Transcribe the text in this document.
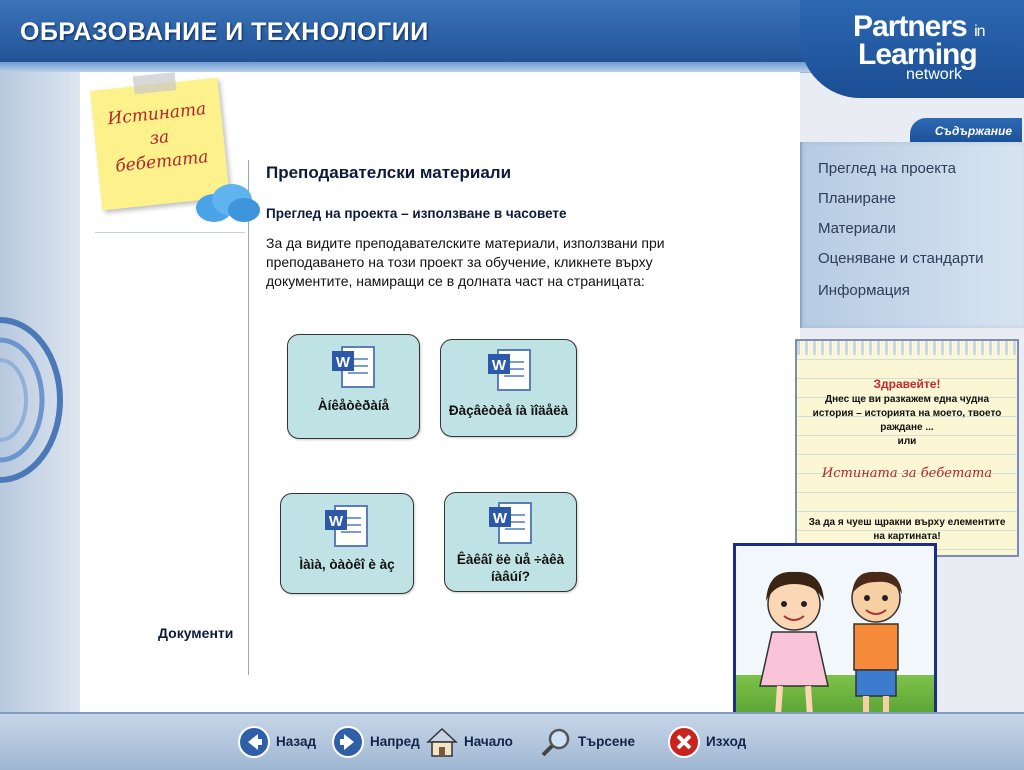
ОБРАЗОВАНИЕ И ТЕХНОЛОГИИ	Partners in
Learning
network
Истината за бебетата	Преподавателски материали
Преглед на проекта – използване в часовете
За да видите преподавателските материали, използвани при преподаването на този проект за обучение, кликнете върху документите, намиращи се в долната част на страницата:
Документи
W
Àíêåòèðàíå
W
Ðàçâèòèå íà ìîäåëà
W
Ìàìà, òàòêî è àç
W
Êàêâî ëè ùå ÷àêà íàâúí?
Съдържание
Преглед на проекта
Планиране
Материали
Оценяване и стандарти
Информация
Здравейте!
Днес ще ви разкажем една чудна история – историята на моето, твоето раждане ...
или
Истината за бебетата
За да я чуеш щракни върху елементите на картината!
Назад	Напред	Начало	Търсене	Изход
